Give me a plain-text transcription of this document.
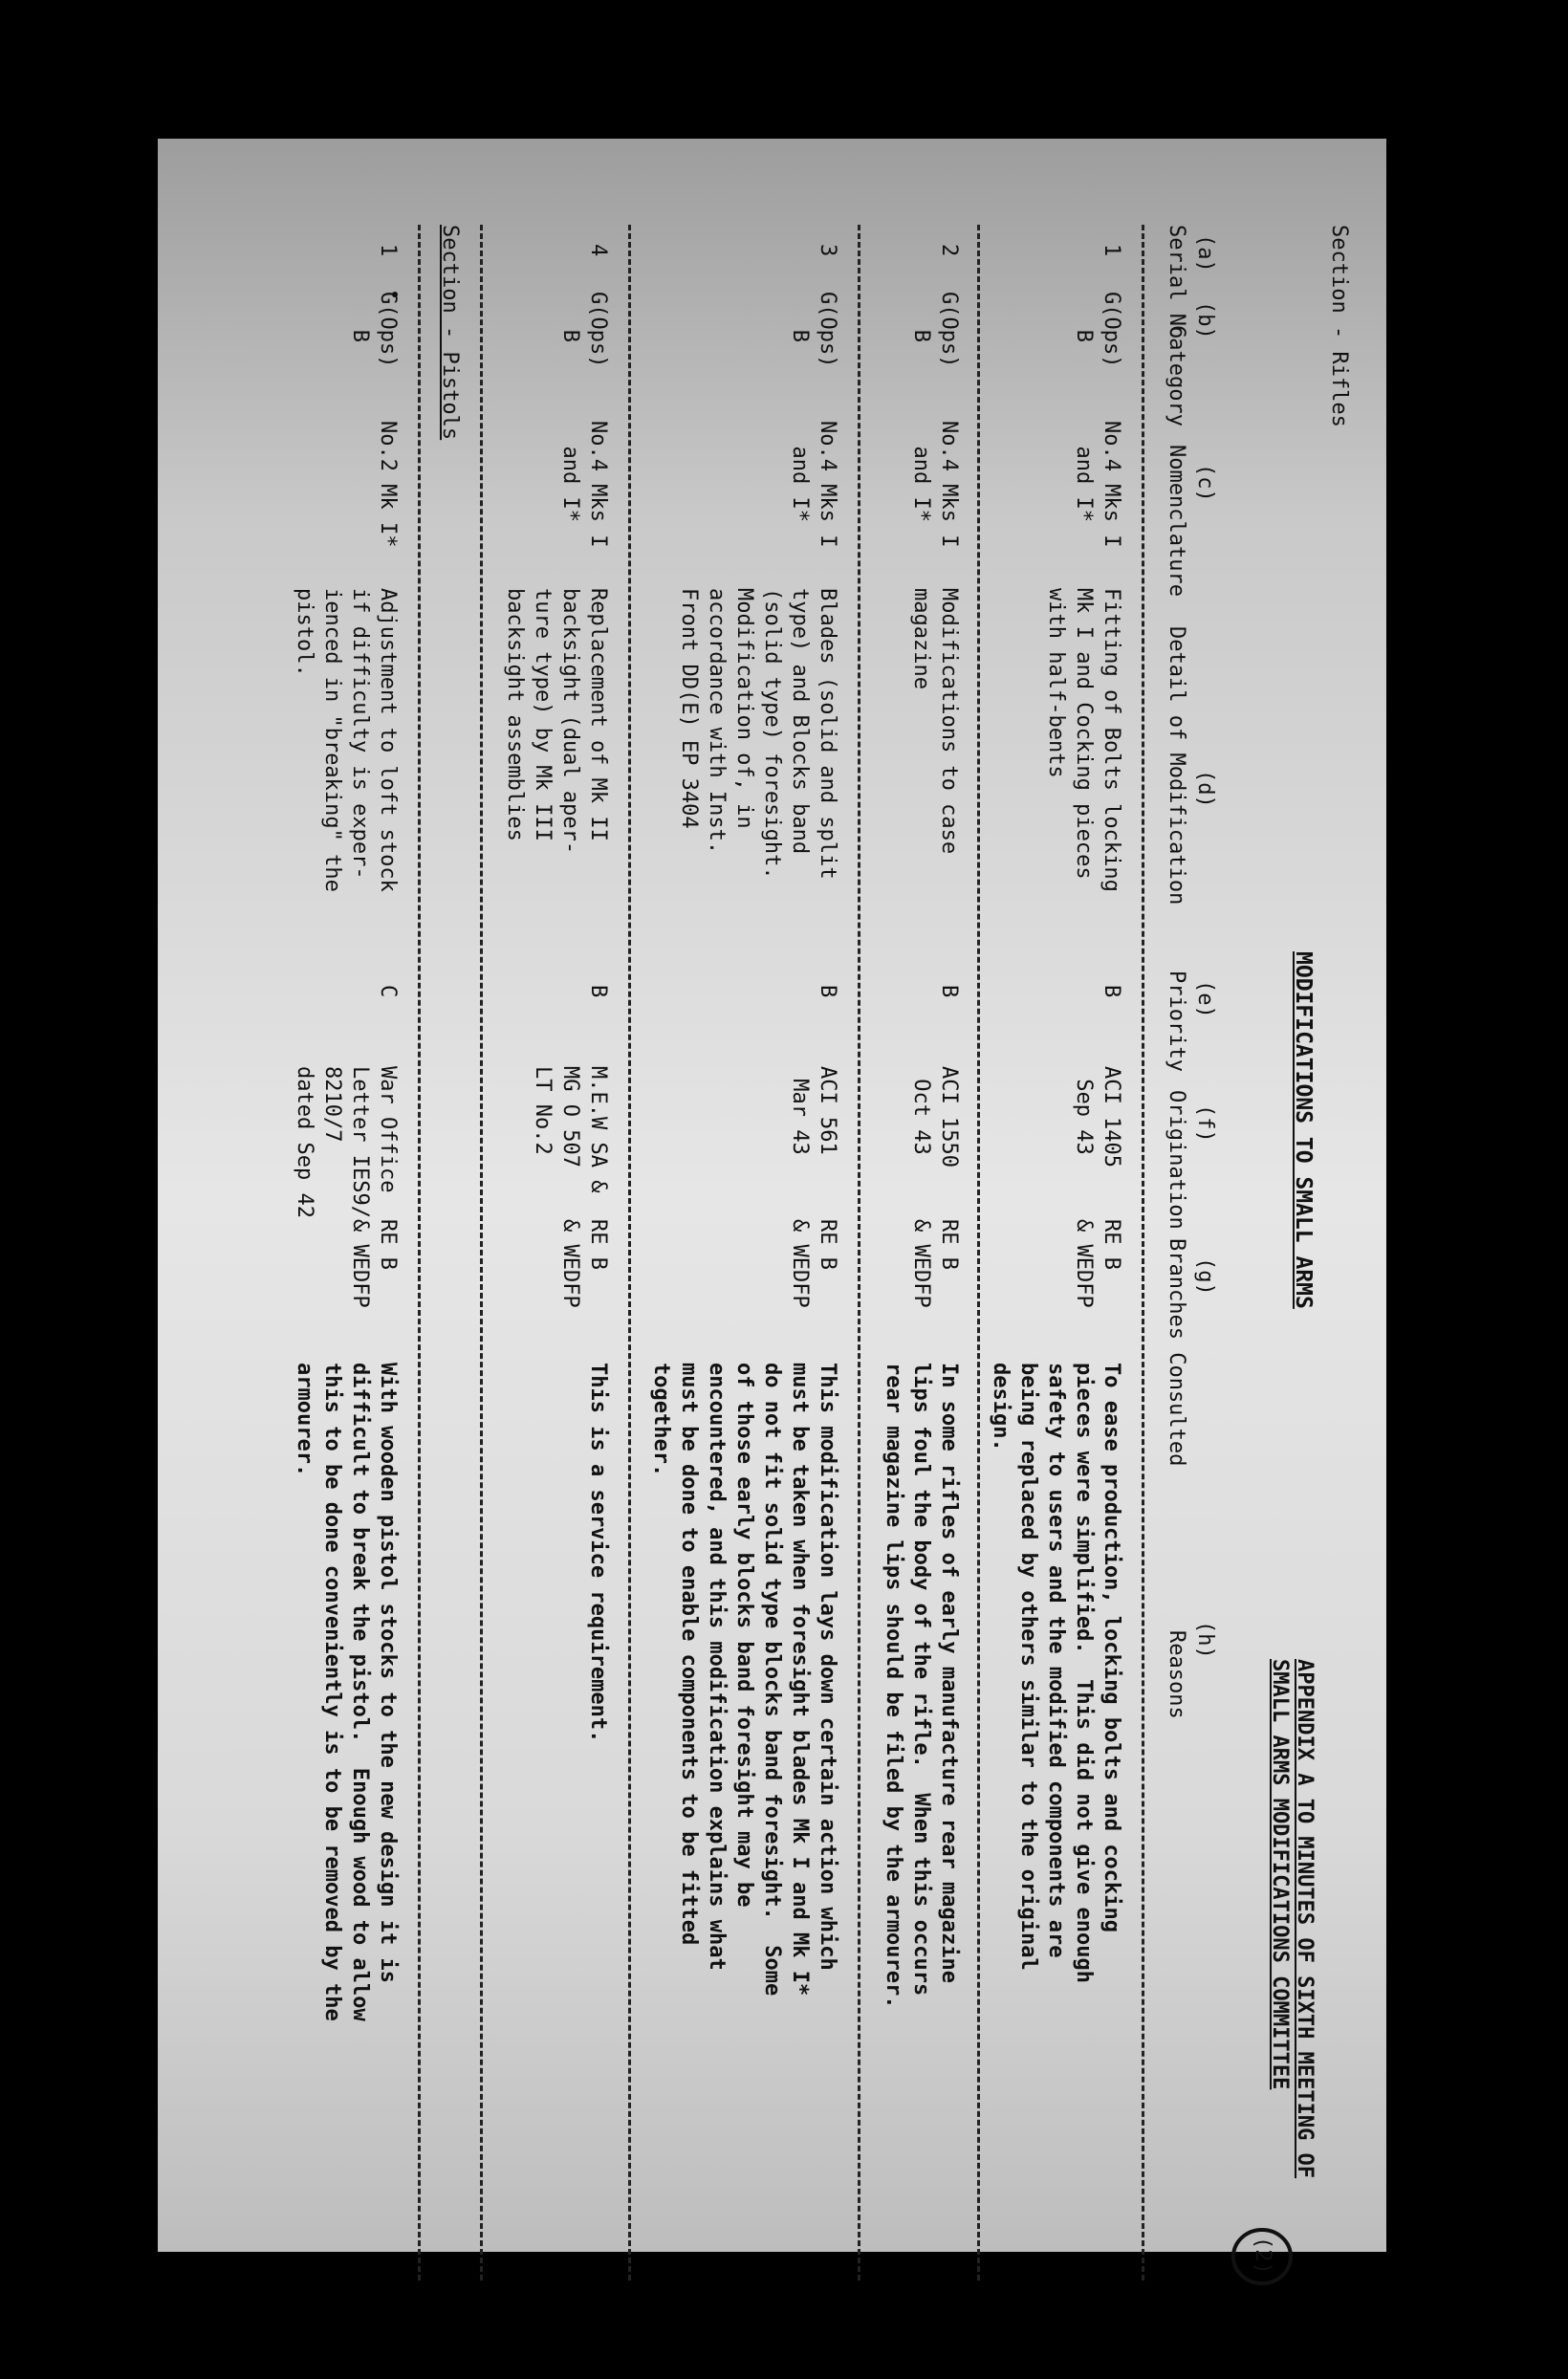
Section - Rifles
MODIFICATIONS TO SMALL ARMS
APPENDIX A TO MINUTES OF SIXTH MEETING OF
SMALL ARMS MODIFICATIONS COMMITTEE
(a)
(b)
(c)
(d)
(e)
(f)
(g)
(h)
Serial No
Category
Nomenclature
Detail of Modification
Priority
Origination
Branches Consulted
Reasons
1
G(Ops)
B
No.4 Mks I
and I*
Fitting of Bolts locking
Mk I and Cocking pieces
with half-bents
B
ACI 1405
Sep 43
RE B
& WEDFP
To ease production, locking bolts and cocking
pieces were simplified.  This did not give enough
safety to users and the modified components are
being replaced by others similar to the original
design.
2
G(Ops)
B
No.4 Mks I
and I*
Modifications to case
magazine
B
ACI 1550
Oct 43
RE B
& WEDFP
In some rifles of early manufacture rear magazine
lips foul the body of the rifle.  When this occurs
rear magazine lips should be filed by the armourer.
3
G(Ops)
B
No.4 Mks I
and I*
Blades (solid and split
type) and Blocks band
(solid type) foresight.
Modification of, in
accordance with Inst.
Front DD(E) EP 3404
B
ACI 561
Mar 43
RE B
& WEDFP
This modification lays down certain action which
must be taken when foresight blades Mk I and Mk I*
do not fit solid type blocks band foresight.  Some
of those early blocks band foresight may be
encountered, and this modification explains what
must be done to enable components to be fitted
together.
4
G(Ops)
B
No.4 Mks I
and I*
Replacement of Mk II
backsight (dual aper-
ture type) by Mk III
backsight assemblies
B
M.E.W SA &
MG O 507
LT No.2
RE B
& WEDFP
This is a service requirement.
Section - Pistols
1
G(Ops)
B
No.2 Mk I*
Adjustment to loft stock
if difficulty is exper-
ienced in "breaking" the
pistol.
C
War Office
Letter IES9/
8210/7
dated Sep 42
RE B
& WEDFP
With wooden pistol stocks to the new design it is
difficult to break the pistol.  Enough wood to allow
this to be done conveniently is to be removed by the
armourer.
(2)
